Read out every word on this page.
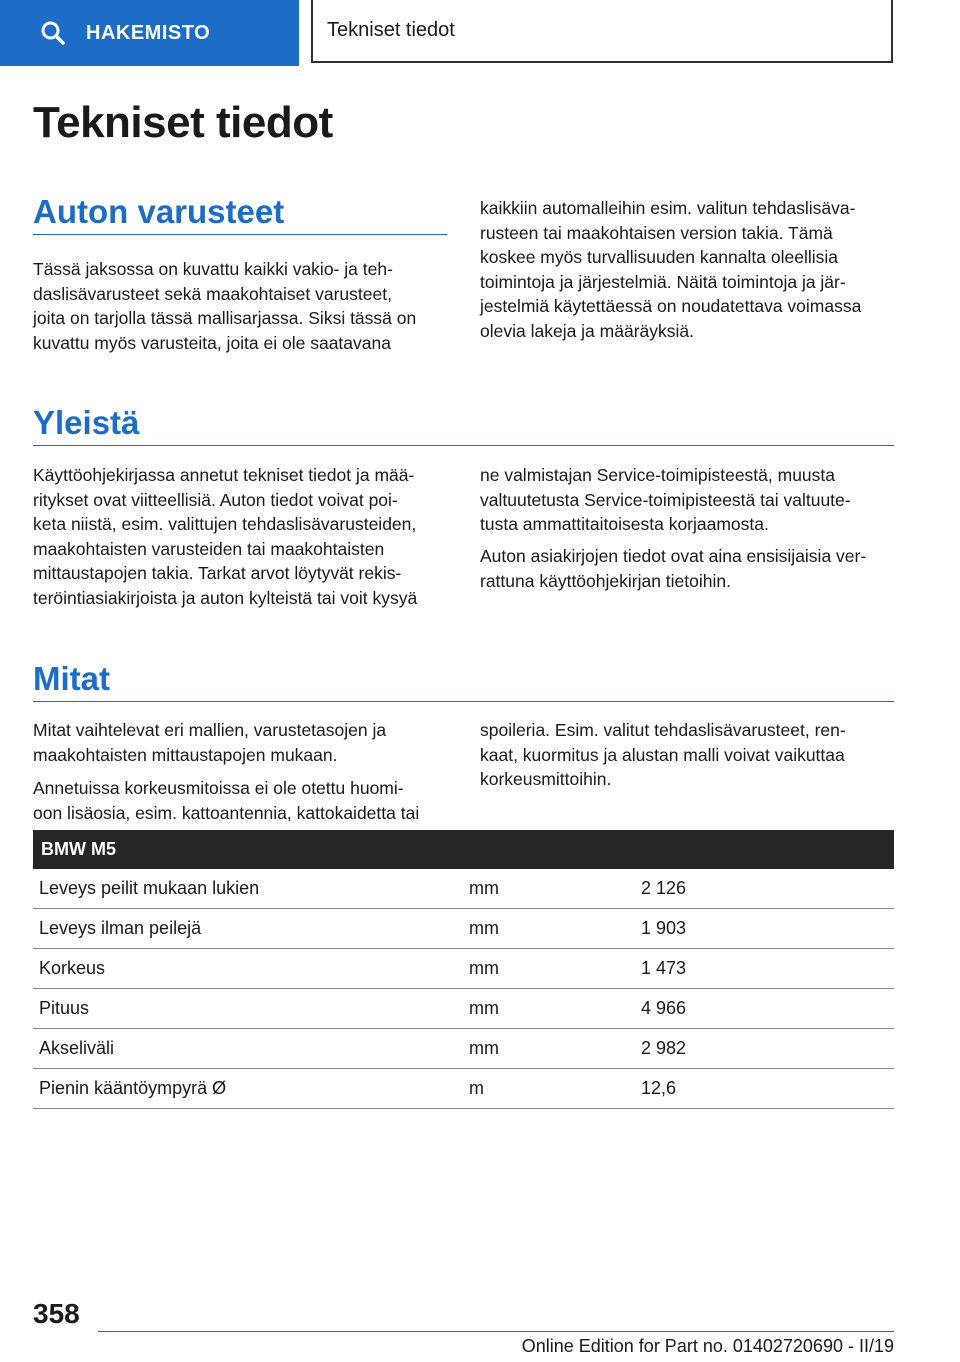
HAKEMISTO	Tekniset tiedot
Tekniset tiedot
Auton varusteet

Tässä jaksossa on kuvattu kaikki vakio- ja teh-
daslisävarusteet sekä maakohtaiset varusteet,
joita on tarjolla tässä mallisarjassa. Siksi tässä on
kuvattu myös varusteita, joita ei ole saatavana

kaikkiin automalleihin esim. valitun tehdaslisäva-
rusteen tai maakohtaisen version takia. Tämä
koskee myös turvallisuuden kannalta oleellisia
toimintoja ja järjestelmiä. Näitä toimintoja ja jär-
jestelmiä käytettäessä on noudatettava voimassa
olevia lakeja ja määräyksiä.

Yleistä

Käyttöohjekirjassa annetut tekniset tiedot ja mää-
ritykset ovat viitteellisiä. Auton tiedot voivat poi-
keta niistä, esim. valittujen tehdaslisävarusteiden,
maakohtaisten varusteiden tai maakohtaisten
mittaustapojen takia. Tarkat arvot löytyvät rekis-
teröintiasiakirjoista ja auton kylteistä tai voit kysyä

ne valmistajan Service-toimipisteestä, muusta
valtuutetusta Service-toimipisteestä tai valtuute-
tusta ammattitaitoisesta korjaamosta.

Auton asiakirjojen tiedot ovat aina ensisijaisia ver-
rattuna käyttöohjekirjan tietoihin.

Mitat

Mitat vaihtelevat eri mallien, varustetasojen ja
maakohtaisten mittaustapojen mukaan.

Annetuissa korkeusmitoissa ei ole otettu huomi-
oon lisäosia, esim. kattoantennia, kattokaidetta tai

spoileria. Esim. valitut tehdaslisävarusteet, ren-
kaat, kuormitus ja alustan malli voivat vaikuttaa
korkeusmittoihin.

BMW M5		
Leveys peilit mukaan lukien	mm	2 126
Leveys ilman peilejä	mm	1 903
Korkeus	mm	1 473
Pituus	mm	4 966
Akseliväli	mm	2 982
Pienin kääntöympyrä Ø	m	12,6

358

Online Edition for Part no. 01402720690 - II/19
